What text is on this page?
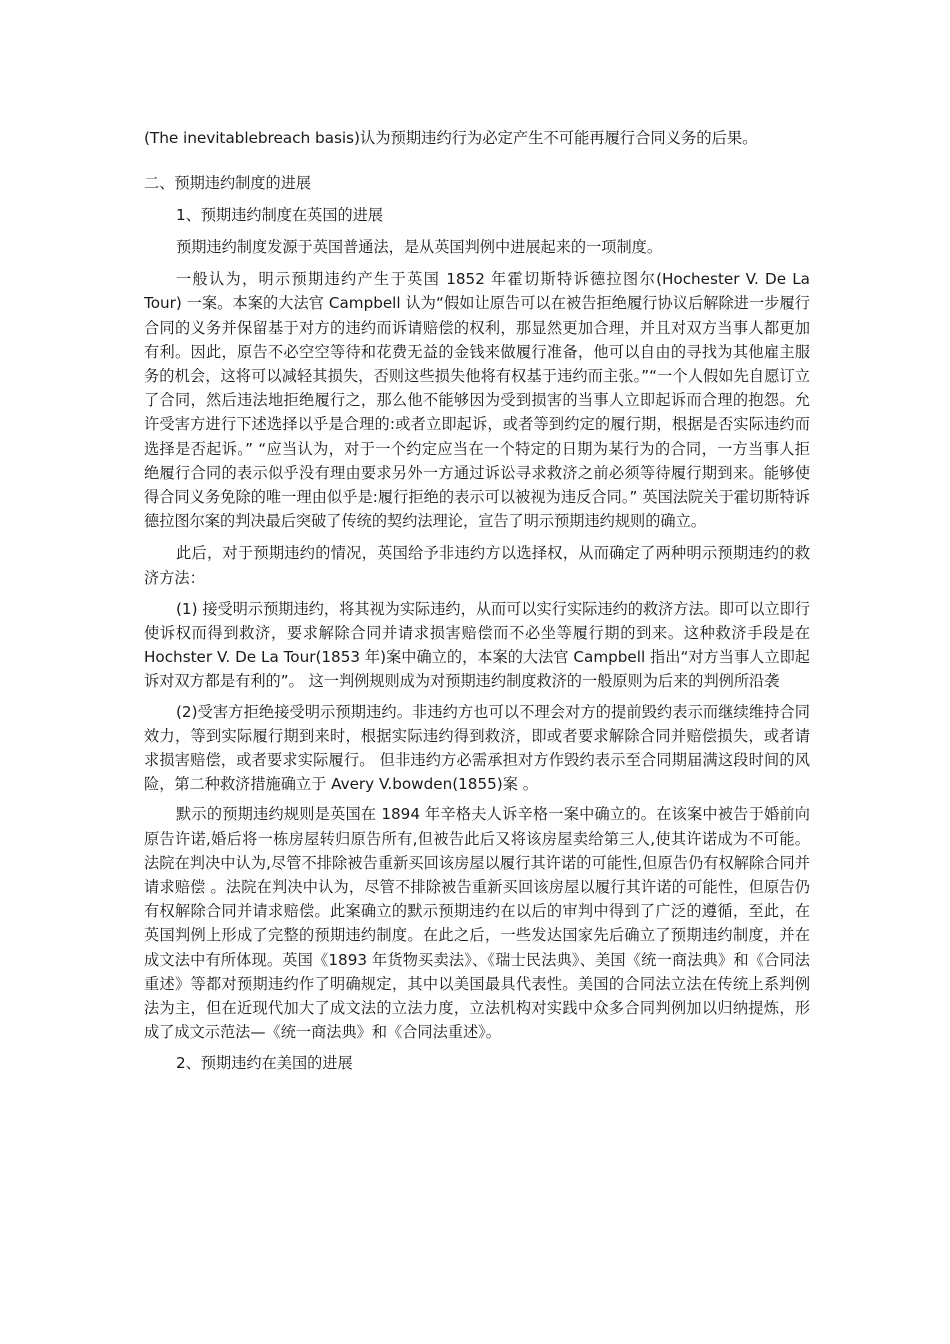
(The inevitablebreach basis)认为预期违约行为必定产生不可能再履行合同义务的后果。

二、预期违约制度的进展

1、预期违约制度在英国的进展

预期违约制度发源于英国普通法，是从英国判例中进展起来的一项制度。

一般认为，明示预期违约产生于英国 1852 年霍切斯特诉德拉图尔(Hochester V. De La Tour) 一案。本案的大法官 Campbell 认为“假如让原告可以在被告拒绝履行协议后解除进一步履行合同的义务并保留基于对方的违约而诉请赔偿的权利，那显然更加合理，并且对双方当事人都更加有利。因此，原告不必空空等待和花费无益的金钱来做履行准备，他可以自由的寻找为其他雇主服务的机会，这将可以减轻其损失，否则这些损失他将有权基于违约而主张。”“一个人假如先自愿订立了合同，然后违法地拒绝履行之，那么他不能够因为受到损害的当事人立即起诉而合理的抱怨。允许受害方进行下述选择以乎是合理的:或者立即起诉，或者等到约定的履行期，根据是否实际违约而选择是否起诉。” “应当认为，对于一个约定应当在一个特定的日期为某行为的合同，一方当事人拒绝履行合同的表示似乎没有理由要求另外一方通过诉讼寻求救济之前必须等待履行期到来。能够使得合同义务免除的唯一理由似乎是:履行拒绝的表示可以被视为违反合同。” 英国法院关于霍切斯特诉德拉图尔案的判决最后突破了传统的契约法理论，宣告了明示预期违约规则的确立。

此后，对于预期违约的情况，英国给予非违约方以选择权，从而确定了两种明示预期违约的救济方法：

(1) 接受明示预期违约，将其视为实际违约，从而可以实行实际违约的救济方法。即可以立即行使诉权而得到救济，要求解除合同并请求损害赔偿而不必坐等履行期的到来。这种救济手段是在 Hochster V. De La Tour(1853 年)案中确立的，本案的大法官 Campbell 指出“对方当事人立即起诉对双方都是有利的”。 这一判例规则成为对预期违约制度救济的一般原则为后来的判例所沿袭

(2)受害方拒绝接受明示预期违约。非违约方也可以不理会对方的提前毁约表示而继续维持合同效力，等到实际履行期到来时，根据实际违约得到救济，即或者要求解除合同并赔偿损失，或者请求损害赔偿，或者要求实际履行。 但非违约方必需承担对方作毁约表示至合同期届满这段时间的风险，第二种救济措施确立于 Avery V.bowden(1855)案 。

默示的预期违约规则是英国在 1894 年辛格夫人诉辛格一案中确立的。在该案中被告于婚前向原告许诺,婚后将一栋房屋转归原告所有,但被告此后又将该房屋卖给第三人,使其许诺成为不可能。法院在判决中认为,尽管不排除被告重新买回该房屋以履行其许诺的可能性,但原告仍有权解除合同并请求赔偿 。法院在判决中认为，尽管不排除被告重新买回该房屋以履行其许诺的可能性，但原告仍有权解除合同并请求赔偿。此案确立的默示预期违约在以后的审判中得到了广泛的遵循，至此，在英国判例上形成了完整的预期违约制度。在此之后，一些发达国家先后确立了预期违约制度，并在成文法中有所体现。英国《1893 年货物买卖法》、《瑞士民法典》、美国《统一商法典》和《合同法重述》等都对预期违约作了明确规定，其中以美国最具代表性。美国的合同法立法在传统上系判例法为主，但在近现代加大了成文法的立法力度，立法机构对实践中众多合同判例加以归纳提炼，形成了成文示范法—《统一商法典》和《合同法重述》。

2、预期违约在美国的进展
